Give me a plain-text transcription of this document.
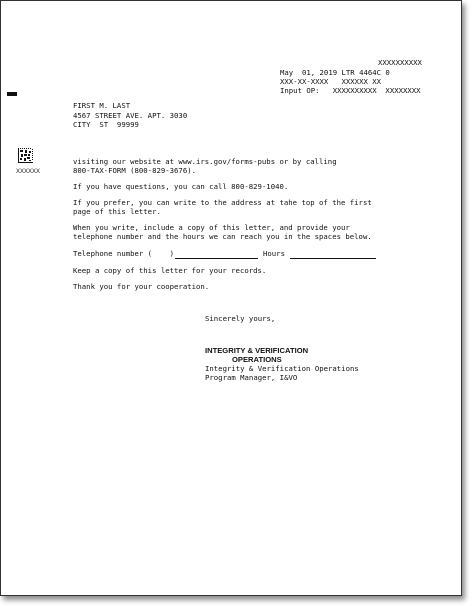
XXXXXXXXXX
May  01, 2019 LTR 4464C 0
XXX-XX-XXXX   XXXXXX XX
Input OP:   XXXXXXXXXX  XXXXXXXX
FIRST M. LAST
4567 STREET AVE. APT. 3030
CITY  ST  99999
XXXXXX
visiting our website at www.irs.gov/forms-pubs or by calling
800-TAX-FORM (800-829-3676).
If you have questions, you can call 800-829-1040.
If you prefer, you can write to the address at tahe top of the first
page of this letter.
When you write, include a copy of this letter, and provide your
telephone number and the hours we can reach you in the spaces below.
Telephone number (    )	Hours
Keep a copy of this letter for your records.
Thank you for your cooperation.
Sincerely yours,
INTEGRITY & VERIFICATION
OPERATIONS
Integrity & Verification Operations
Program Manager, I&VO
